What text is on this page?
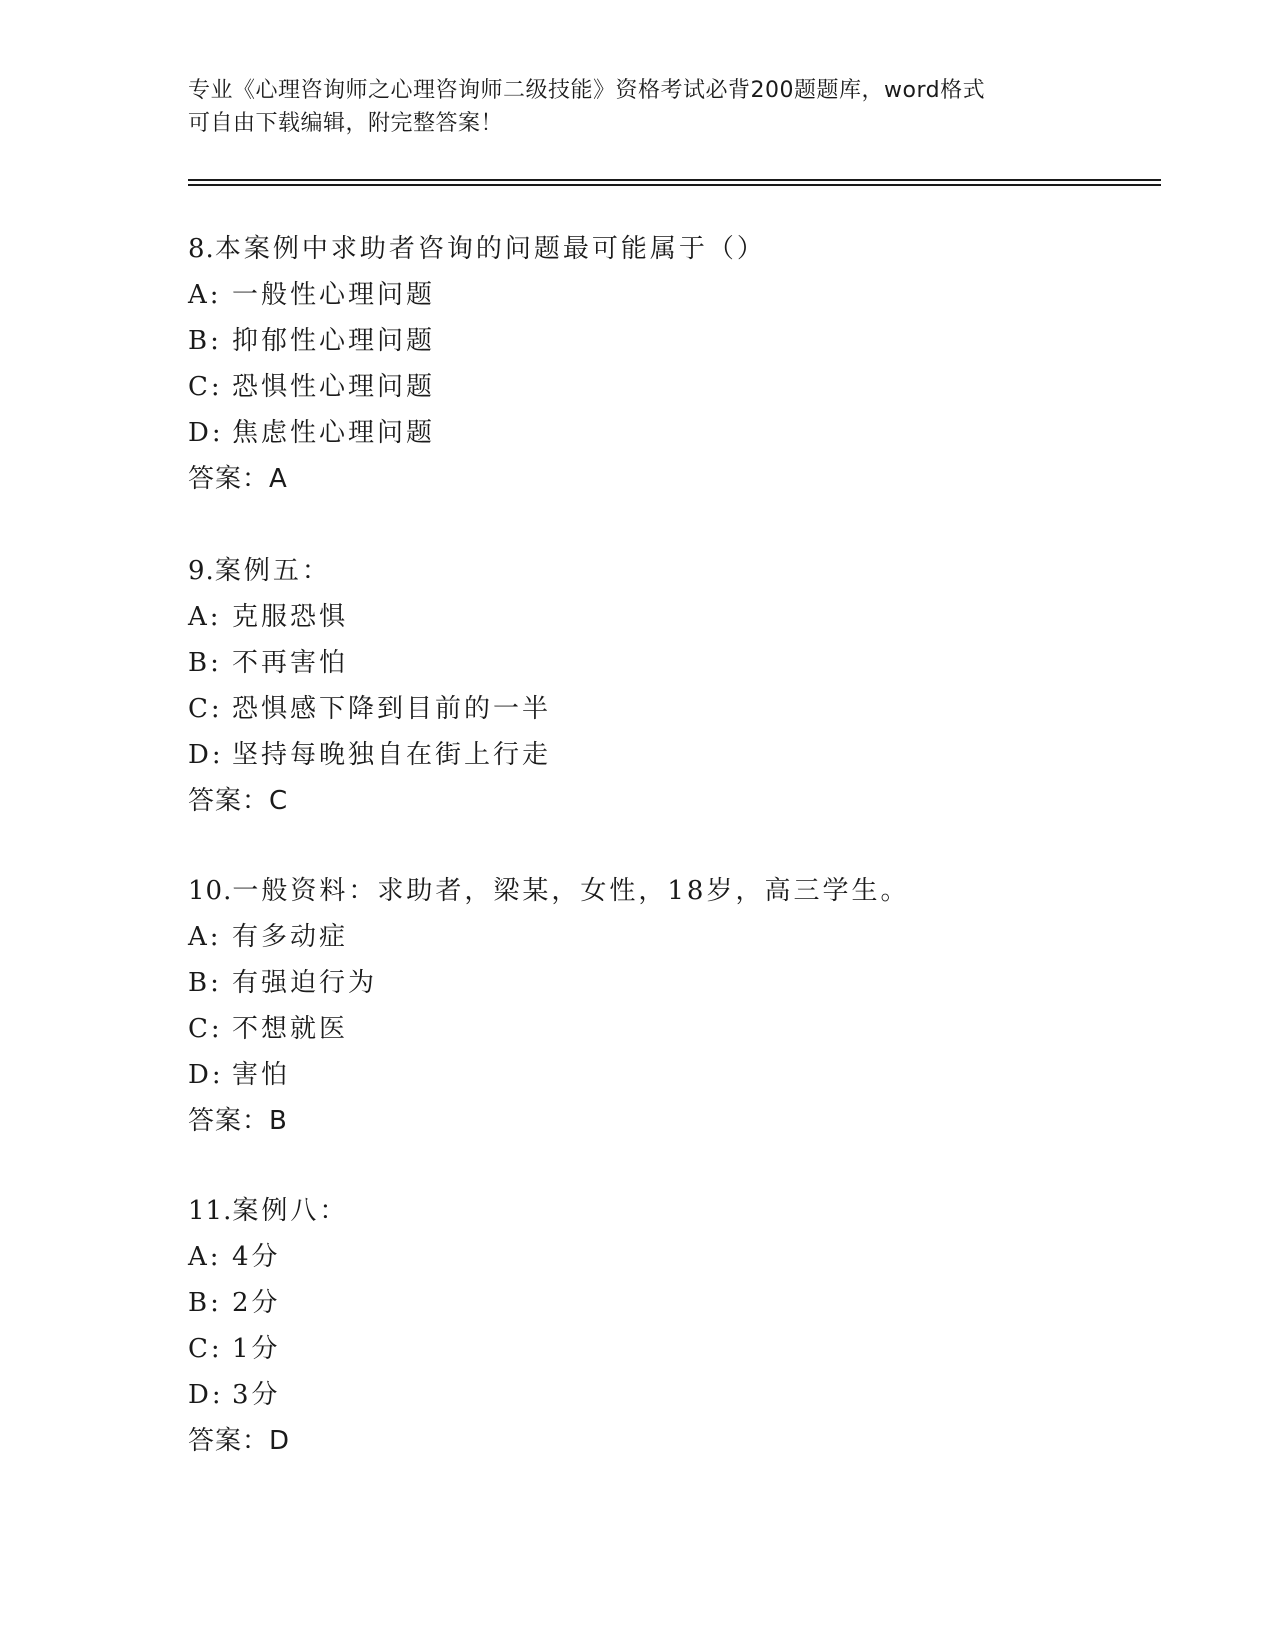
专业《心理咨询师之心理咨询师二级技能》资格考试必背200题题库，word格式
可自由下载编辑，附完整答案！
8.本案例中求助者咨询的问题最可能属于（）
A: 一般性心理问题
B: 抑郁性心理问题
C: 恐惧性心理问题
D: 焦虑性心理问题
答案：A
9.案例五：
A: 克服恐惧
B: 不再害怕
C: 恐惧感下降到目前的一半
D: 坚持每晚独自在街上行走
答案：C
10.一般资料：求助者，梁某，女性，18岁，高三学生。
A: 有多动症
B: 有强迫行为
C: 不想就医
D: 害怕
答案：B
11.案例八：
A: 4分
B: 2分
C: 1分
D: 3分
答案：D
